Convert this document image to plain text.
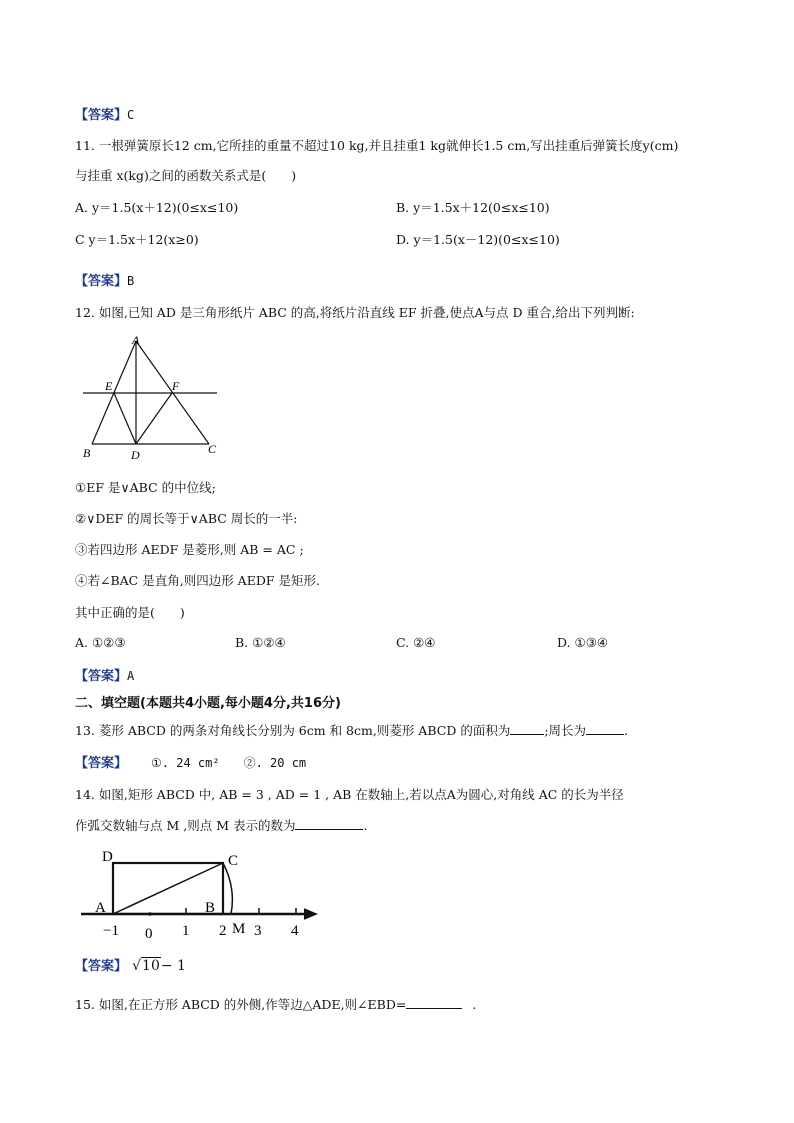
【答案】C
11. 一根弹簧原长12 cm,它所挂的重量不超过10 kg,并且挂重1 kg就伸长1.5 cm,写出挂重后弹簧长度y(cm)
与挂重 x(kg)之间的函数关系式是(　　)
A. y＝1.5(x＋12)(0≤x≤10)	B. y＝1.5x＋12(0≤x≤10)
C y＝1.5x＋12(x≥0)	D. y＝1.5(x－12)(0≤x≤10)
【答案】B
12. 如图,已知 AD 是三角形纸片 ABC 的高,将纸片沿直线 EF 折叠,使点A与点 D 重合,给出下列判断:
A
E	F
B	D	C
①EF 是∨ABC 的中位线;
②∨DEF 的周长等于∨ABC 周长的一半:
③若四边形 AEDF 是菱形,则 AB = AC ;
④若∠BAC 是直角,则四边形 AEDF 是矩形.
其中正确的是(　　)
A. ①②③	B. ①②④	C. ②④	D. ①③④
【答案】A
二、填空题(本题共4小题,每小题4分,共16分)
13. 菱形 ABCD 的两条对角线长分别为 6cm 和 8cm,则菱形 ABCD 的面积为	;周长为	.
【答案】 ①. 24 cm²　　②. 20 cm
14. 如图,矩形 ABCD 中, AB = 3 , AD = 1 , AB 在数轴上,若以点A为圆心,对角线 AC 的长为半径
作弧交数轴与点 M ,则点 M 表示的数为	.
D	C
A	B
M
−1 0 1 2 3 4
【答案】 √10− 1
15. 如图,在正方形 ABCD 的外侧,作等边△ADE,则∠EBD=	.
